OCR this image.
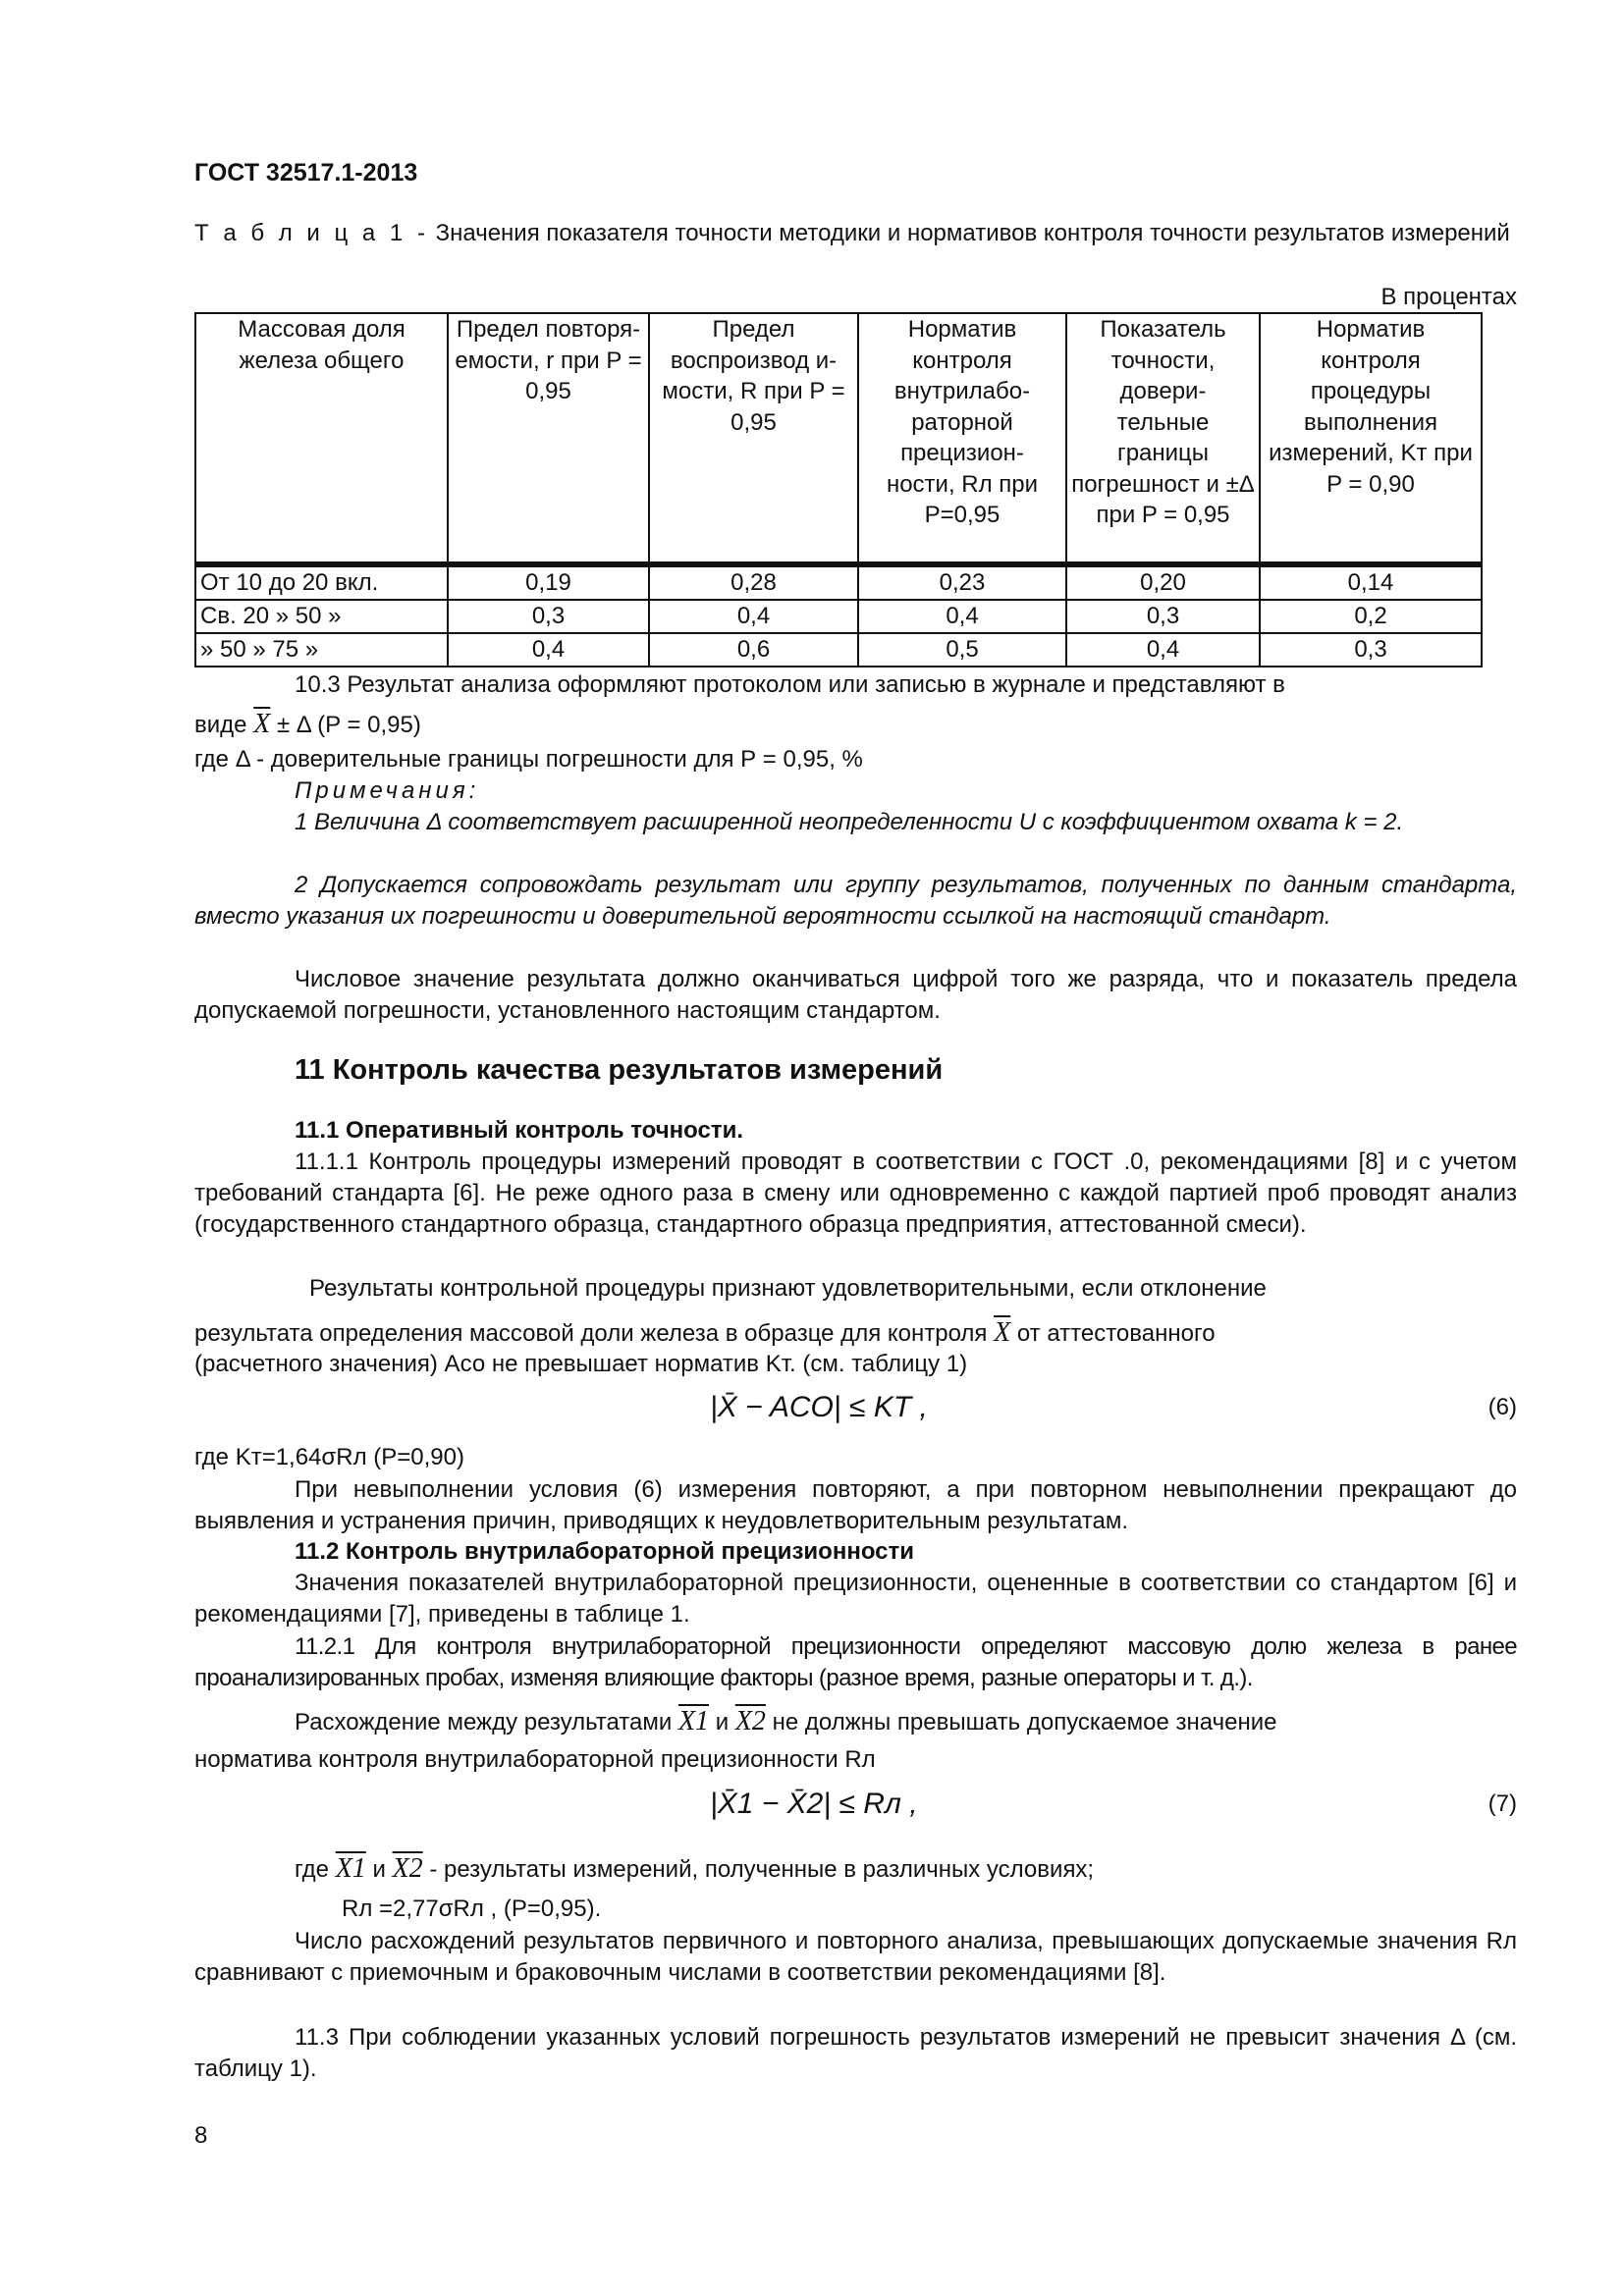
ГОСТ 32517.1-2013
Т а б л и ц а 1 - Значения показателя точности методики и нормативов контроля точности результатов измерений
В процентах
Массовая доля железа общего	Предел повторя- емости, r при P = 0,95	Предел воспроизвод и-мости, R при P = 0,95	Норматив контроля внутрилабо- раторной прецизион- ности, Rл при Р=0,95	Показатель точности, довери- тельные границы погрешност и ±Δ при P = 0,95	Норматив контроля процедуры выполнения измерений, Kт при P = 0,90
От 10 до 20 вкл.	0,19	0,28	0,23	0,20	0,14
Св. 20 » 50 »	0,3	0,4	0,4	0,3	0,2
» 50 » 75 »	0,4	0,6	0,5	0,4	0,3
10.3 Результат анализа оформляют протоколом или записью в журнале и представляют в
виде $\overline{X} \pm \Delta$ (P = 0,95)
где Δ - доверительные границы погрешности для Р = 0,95, %
Примечания:
1 Величина Δ соответствует расширенной неопределенности U с коэффициентом охвата k = 2.
2 Допускается сопровождать результат или группу результатов, полученных по данным стандарта, вместо указания их погрешности и доверительной вероятности ссылкой на настоящий стандарт.
Числовое значение результата должно оканчиваться цифрой того же разряда, что и показатель предела допускаемой погрешности, установленного настоящим стандартом.
11 Контроль качества результатов измерений
11.1 Оперативный контроль точности.
11.1.1 Контроль процедуры измерений проводят в соответствии с ГОСТ .0, рекомендациями [8] и с учетом требований стандарта [6]. Не реже одного раза в смену или одновременно с каждой партией проб проводят анализ (государственного стандартного образца, стандартного образца предприятия, аттестованной смеси).
Результаты контрольной процедуры признают удовлетворительными, если отклонение
результата определения массовой доли железа в образце для контроля $\overline{X}$ от аттестованного
(расчетного значения) Aсо не превышает норматив Kт. (см. таблицу 1)
|X̄ − ACO| ≤ KT ,	(6)
где Kт=1,64σRл (P=0,90)
При невыполнении условия (6) измерения повторяют, а при повторном невыполнении прекращают до выявления и устранения причин, приводящих к неудовлетворительным результатам.
11.2 Контроль внутрилабораторной прецизионности
Значения показателей внутрилабораторной прецизионности, оцененные в соответствии со стандартом [6] и рекомендациями [7], приведены в таблице 1.
11.2.1 Для контроля внутрилабораторной прецизионности определяют массовую долю железа в ранее проанализированных пробах, изменяя влияющие факторы (разное время, разные операторы и т. д.).
Расхождение между результатами X1 и X2 не должны превышать допускаемое значение
норматива контроля внутрилабораторной прецизионности Rл
|X̄1 − X̄2| ≤ Rл ,	(7)
где X1 и X2 - результаты измерений, полученные в различных условиях;
Rл =2,77σRл , (P=0,95).
Число расхождений результатов первичного и повторного анализа, превышающих допускаемые значения Rл сравнивают с приемочным и браковочным числами в соответствии рекомендациями [8].
11.3 При соблюдении указанных условий погрешность результатов измерений не превысит значения Δ (см. таблицу 1).
8
